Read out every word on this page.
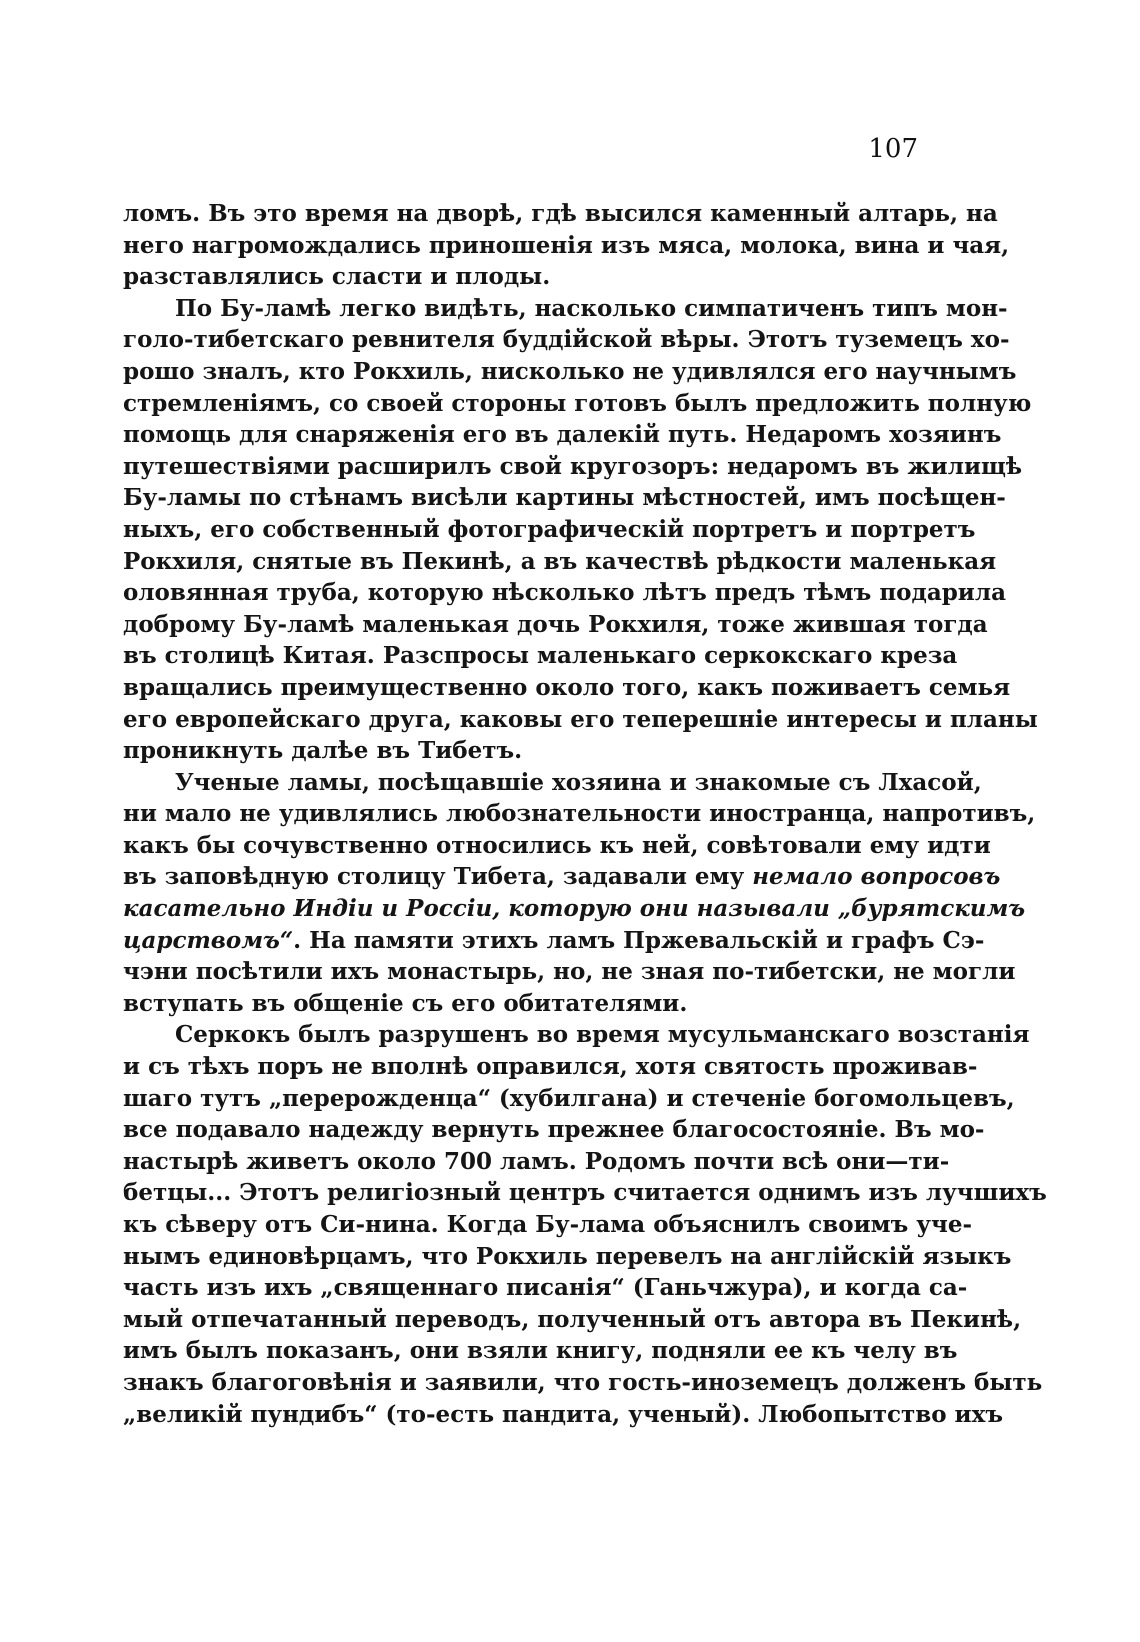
107
ломъ. Въ это время на дворѣ, гдѣ высился каменный алтарь, на
него нагромождались приношенія изъ мяса, молока, вина и чая,
разставлялись сласти и плоды.
По Бу-ламѣ легко видѣть, насколько симпатиченъ типъ мон-
голо-тибетскаго ревнителя буддійской вѣры. Этотъ туземецъ хо-
рошо зналъ, кто Рокхиль, нисколько не удивлялся его научнымъ
стремленіямъ, со своей стороны готовъ былъ предложить полную
помощь для снаряженія его въ далекій путь. Недаромъ хозяинъ
путешествіями расширилъ свой кругозоръ: недаромъ въ жилищѣ
Бу-ламы по стѣнамъ висѣли картины мѣстностей, имъ посѣщен-
ныхъ, его собственный фотографическій портретъ и портретъ
Рокхиля, снятые въ Пекинѣ, а въ качествѣ рѣдкости маленькая
оловянная труба, которую нѣсколько лѣтъ предъ тѣмъ подарила
доброму Бу-ламѣ маленькая дочь Рокхиля, тоже жившая тогда
въ столицѣ Китая. Разспросы маленькаго серкокскаго креза
вращались преимущественно около того, какъ поживаетъ семья
его европейскаго друга, каковы его теперешніе интересы и планы
проникнуть далѣе въ Тибетъ.
Ученые ламы, посѣщавшіе хозяина и знакомые съ Лхасой,
ни мало не удивлялись любознательности иностранца, напротивъ,
какъ бы сочувственно относились къ ней, совѣтовали ему идти
въ заповѣдную столицу Тибета, задавали ему немало вопросовъ
касательно Индіи и Россіи, которую они называли „бурятскимъ
царствомъ“. На памяти этихъ ламъ Пржевальскій и графъ Сэ-
чэни посѣтили ихъ монастырь, но, не зная по-тибетски, не могли
вступать въ общеніе съ его обитателями.
Серкокъ былъ разрушенъ во время мусульманскаго возстанія
и съ тѣхъ поръ не вполнѣ оправился, хотя святость проживав-
шаго тутъ „перерожденца“ (хубилгана) и стеченіе богомольцевъ,
все подавало надежду вернуть прежнее благосостояніе. Въ мо-
настырѣ живетъ около 700 ламъ. Родомъ почти всѣ они—ти-
бетцы... Этотъ религіозный центръ считается однимъ изъ лучшихъ
къ сѣверу отъ Си-нина. Когда Бу-лама объяснилъ своимъ уче-
нымъ единовѣрцамъ, что Рокхиль перевелъ на англійскій языкъ
часть изъ ихъ „священнаго писанія“ (Ганьчжура), и когда са-
мый отпечатанный переводъ, полученный отъ автора въ Пекинѣ,
имъ былъ показанъ, они взяли книгу, подняли ее къ челу въ
знакъ благоговѣнія и заявили, что гость-иноземецъ долженъ быть
„великій пундибъ“ (то-есть пандита, ученый). Любопытство ихъ
